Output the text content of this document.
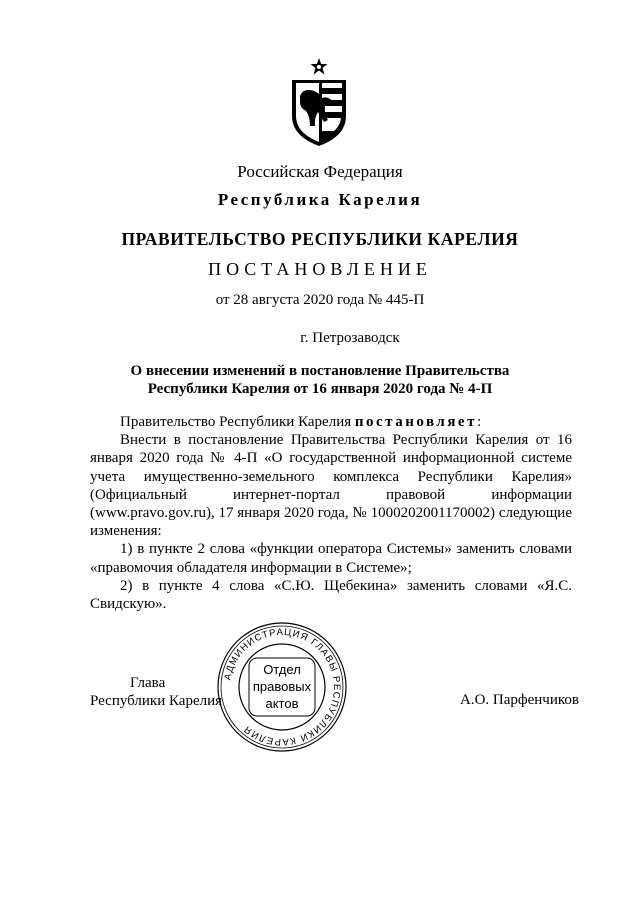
Российская Федерация
Республика Карелия
ПРАВИТЕЛЬСТВО РЕСПУБЛИКИ КАРЕЛИЯ
ПОСТАНОВЛЕНИЕ
от 28 августа 2020 года № 445-П
г. Петрозаводск
О внесении изменений в постановление Правительства
Республики Карелия от 16 января 2020 года № 4-П

Правительство Республики Карелия постановляет:

Внести в постановление Правительства Республики Карелия от 16 января 2020 года № 4-П «О государственной информационной системе учета имущественно-земельного комплекса Республики Карелия» (Официальный интернет-портал правовой информации (www.pravo.gov.ru), 17 января 2020 года, № 1000202001170002) следующие изменения:

1) в пункте 2 слова «функции оператора Системы» заменить словами «правомочия обладателя информации в Системе»;

2) в пункте 4 слова «С.Ю. Щебекина» заменить словами «Я.С. Свидскую».

Глава
Республики Карелия	А.О. Парфенчиков
АДМИНИСТРАЦИЯ ГЛАВЫ РЕСПУБЛИКИ КАРЕЛИЯ
Отдел
правовых
актов
